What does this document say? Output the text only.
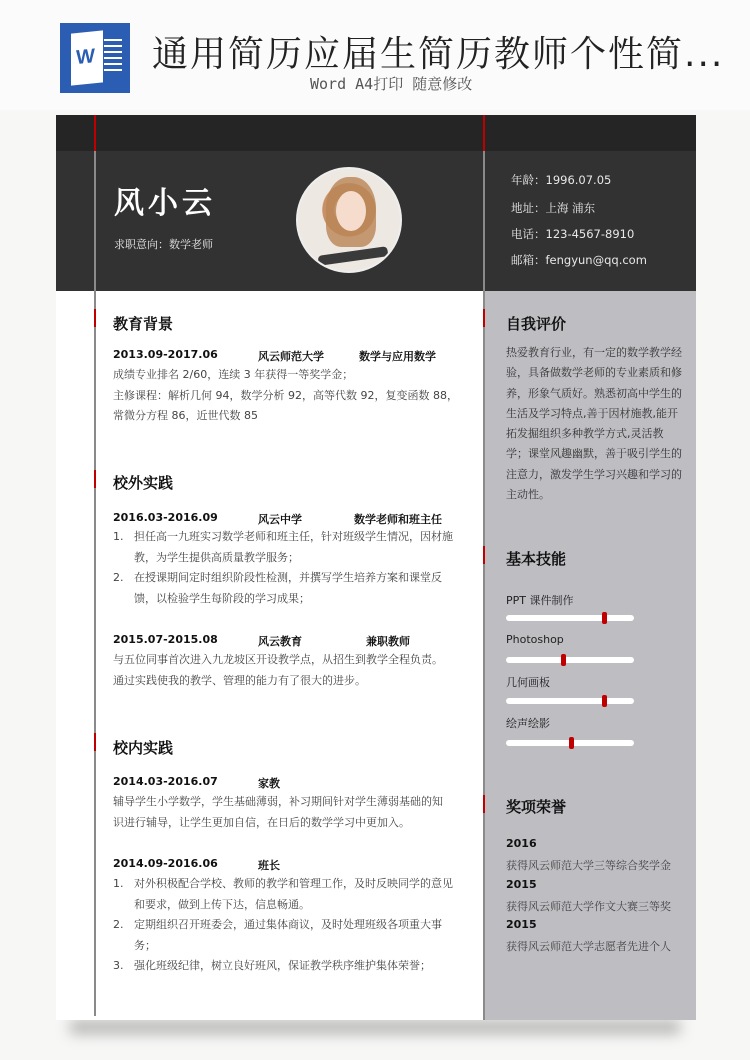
W 通用简历应届生简历教师个性简...
Word A4打印 随意修改
风小云
求职意向：数学老师
年龄：1996.07.05
地址：上海 浦东
电话：123-4567-8910
邮箱：fengyun@qq.com
教育背景
2013.09-2017.06	风云师范大学	数学与应用数学
成绩专业排名 2/60，连续 3 年获得一等奖学金；
主修课程：解析几何 94，数学分析 92，高等代数 92，复变函数 88，
常微分方程 86，近世代数 85
校外实践
2016.03-2016.09	风云中学	数学老师和班主任
1. 担任高一九班实习数学老师和班主任，针对班级学生情况，因材施教，为学生提供高质量教学服务；
2. 在授课期间定时组织阶段性检测，并撰写学生培养方案和课堂反馈，以检验学生每阶段的学习成果；
2015.07-2015.08	风云教育	兼职教师
与五位同事首次进入九龙坡区开设教学点，从招生到教学全程负责。
通过实践使我的教学、管理的能力有了很大的进步。
校内实践
2014.03-2016.07	家教
辅导学生小学数学，学生基础薄弱，补习期间针对学生薄弱基础的知
识进行辅导，让学生更加自信，在日后的数学学习中更加入。
2014.09-2016.06	班长
1. 对外积极配合学校、教师的教学和管理工作，及时反映同学的意见和要求，做到上传下达，信息畅通。
2. 定期组织召开班委会，通过集体商议，及时处理班级各项重大事务；
3. 强化班级纪律，树立良好班风，保证教学秩序维护集体荣誉；
自我评价
热爱教育行业，有一定的数学教学经验，具备做数学老师的专业素质和修养，形象气质好。熟悉初高中学生的生活及学习特点,善于因材施教,能开拓发掘组织多种教学方式,灵活教学；课堂风趣幽默，善于吸引学生的注意力，激发学生学习兴趣和学习的主动性。
基本技能
PPT 课件制作
Photoshop
几何画板
绘声绘影
奖项荣誉
2016
获得风云师范大学三等综合奖学金
2015
获得风云师范大学作文大赛三等奖
2015
获得风云师范大学志愿者先进个人
